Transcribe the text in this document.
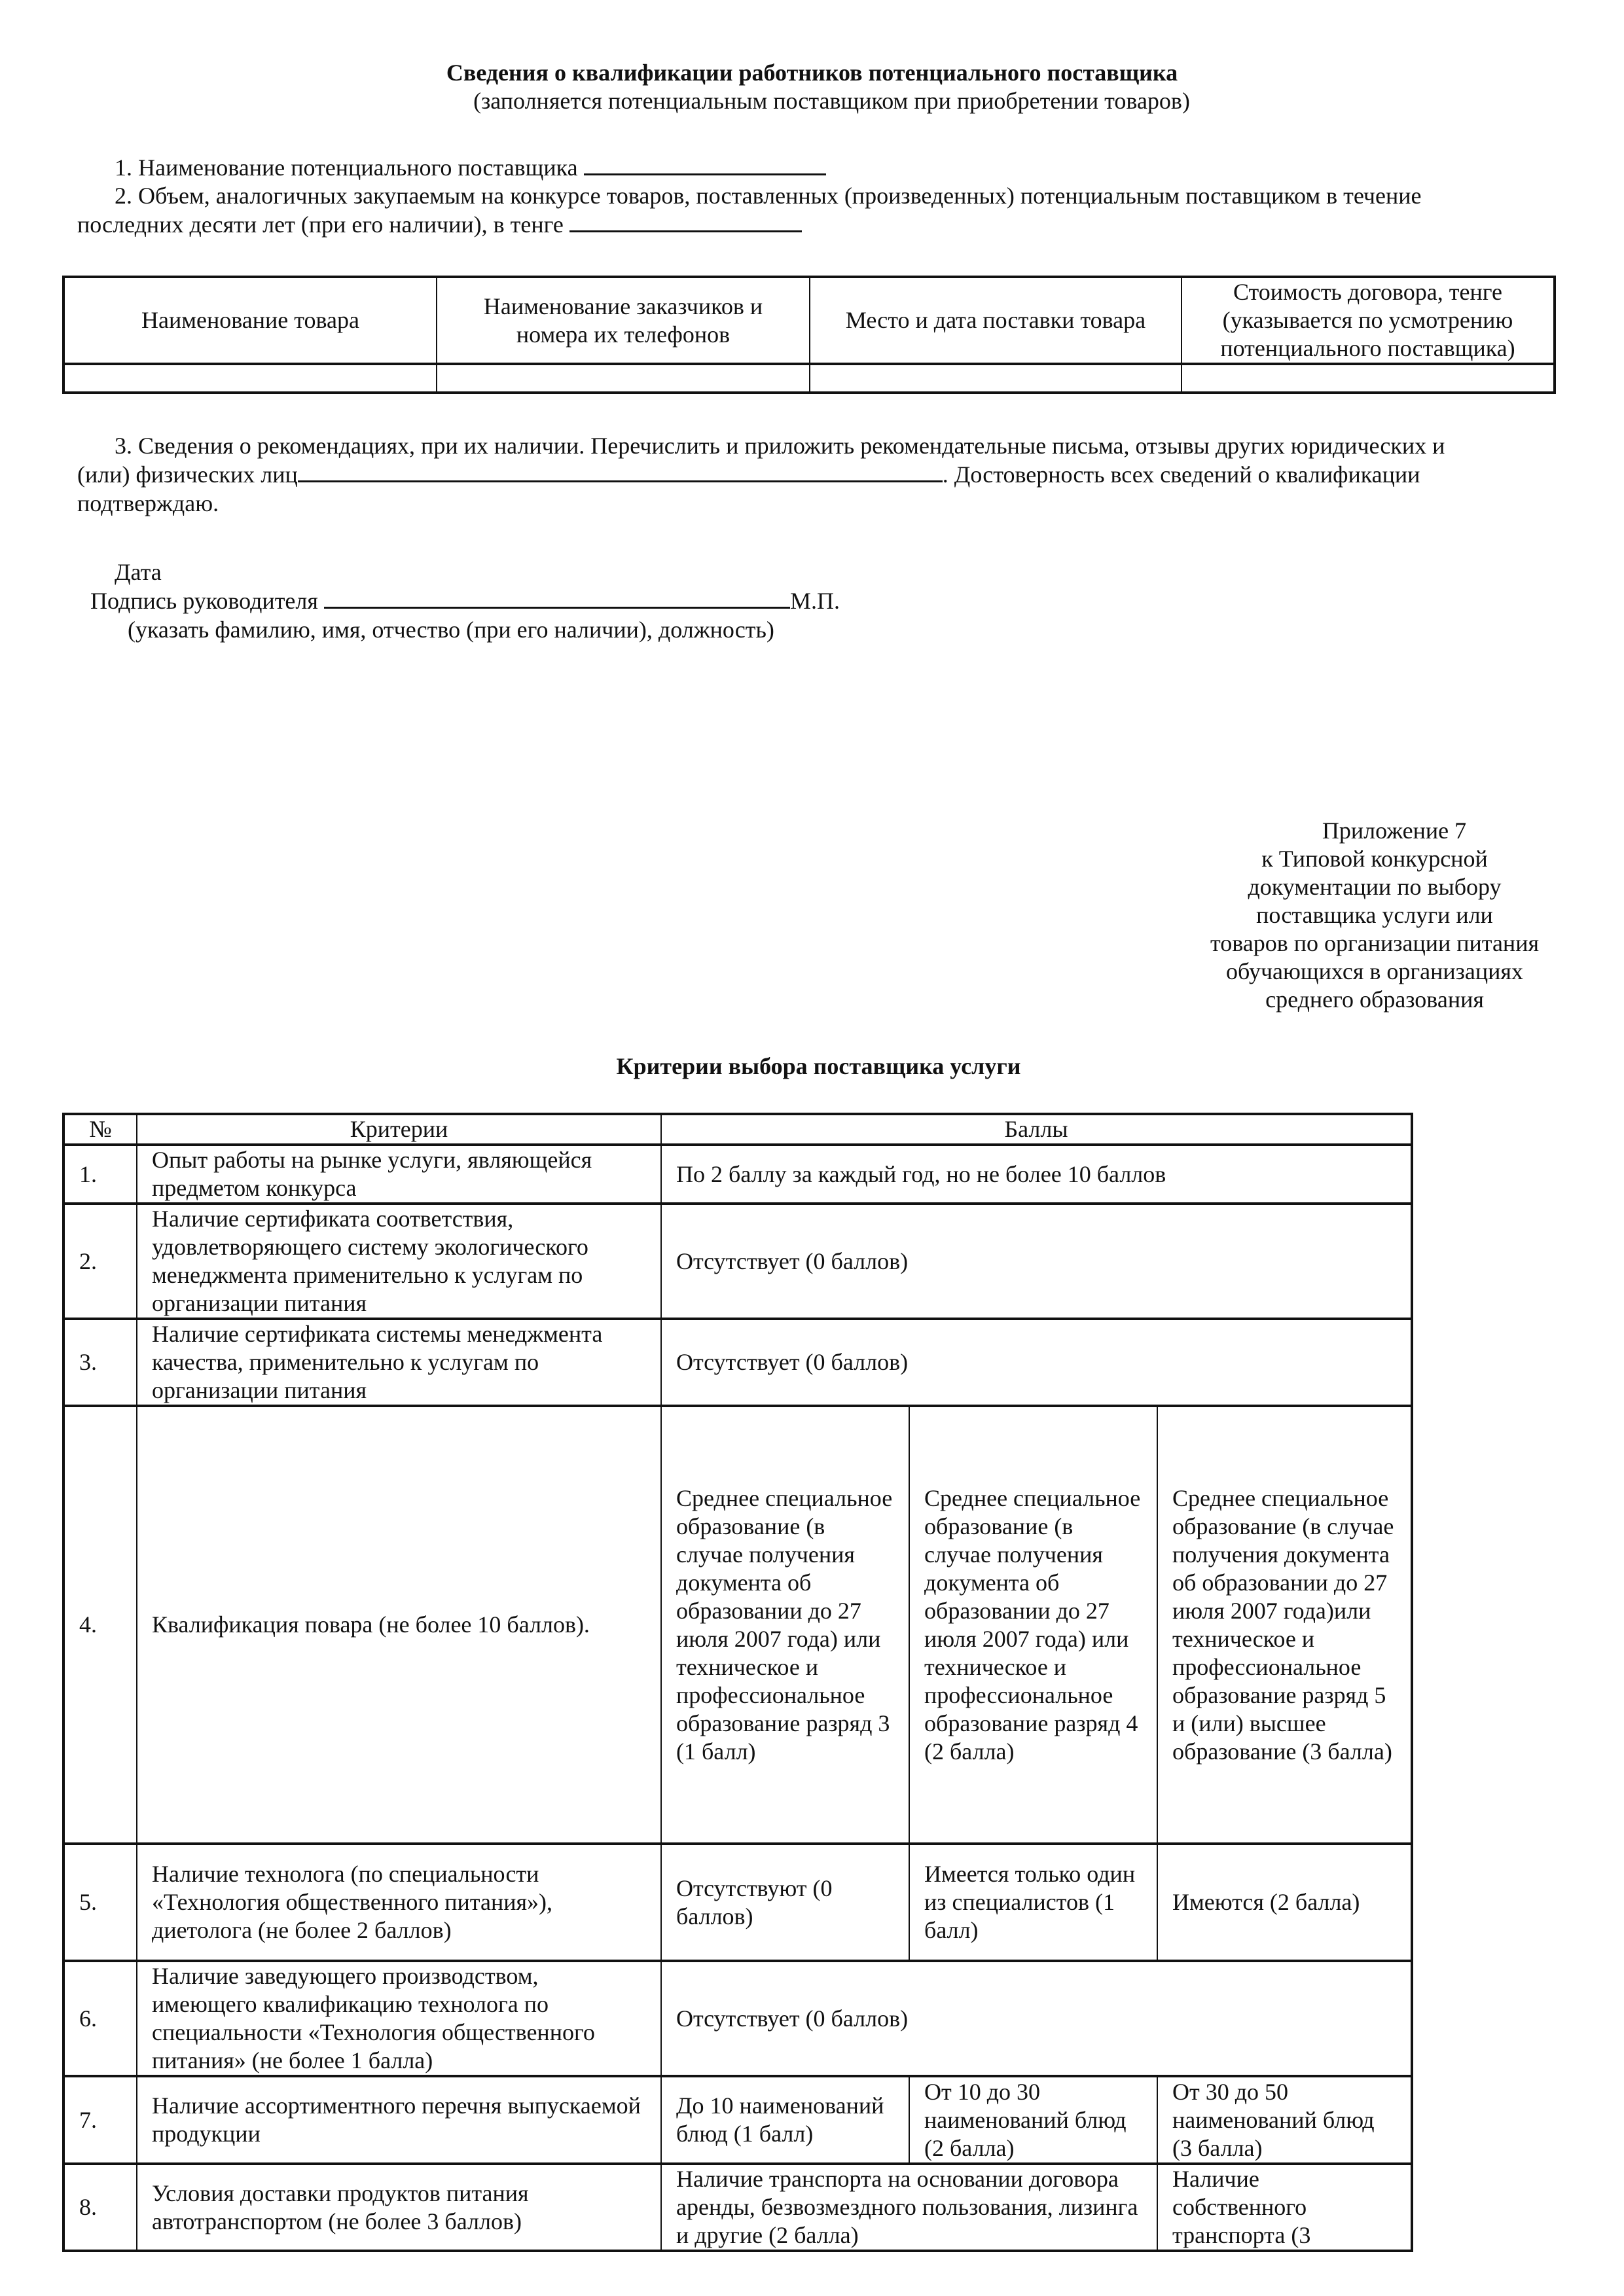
Сведения о квалификации работников потенциального поставщика
(заполняется потенциальным поставщиком при приобретении товаров)
1. Наименование потенциального поставщика
2. Объем, аналогичных закупаемым на конкурсе товаров, поставленных (произведенных) потенциальным поставщиком в течение
последних десяти лет (при его наличии), в тенге
Наименование товара	Наименование заказчиков и номера их телефонов	Место и дата поставки товара	Стоимость договора, тенге (указывается по усмотрению потенциального поставщика)

3. Сведения о рекомендациях, при их наличии. Перечислить и приложить рекомендательные письма, отзывы других юридических и
(или) физических лиц	. Достоверность всех сведений о квалификации
подтверждаю.
Дата
Подпись руководителя	М.П.
(указать фамилию, имя, отчество (при его наличии), должность)
Приложение 7
к Типовой конкурсной
документации по выбору
поставщика услуги или
товаров по организации питания
обучающихся в организациях
среднего образования
Критерии выбора поставщика услуги
№	Критерии	Баллы		
1.	Опыт работы на рынке услуги, являющейся предметом конкурса	По 2 баллу за каждый год, но не более 10 баллов		
2.	Наличие сертификата соответствия, удовлетворяющего систему экологического менеджмента применительно к услугам по организации питания	Отсутствует (0 баллов)		
3.	Наличие сертификата системы менеджмента качества, применительно к услугам по организации питания	Отсутствует (0 баллов)		
4.	Квалификация повара (не более 10 баллов).	Среднее специальное образование (в случае получения документа об образовании до 27 июля 2007 года) или техническое и профессиональное образование разряд 3 (1 балл)	Среднее специальное образование (в случае получения документа об образовании до 27 июля 2007 года) или техническое и профессиональное образование разряд 4 (2 балла)	Среднее специальное образование (в случае получения документа об образовании до 27 июля 2007 года)или техническое и профессиональное образование разряд 5 и (или) высшее образование (3 балла)
5.	Наличие технолога (по специальности «Технология общественного питания»), диетолога (не более 2 баллов)	Отсутствуют (0 баллов)	Имеется только один из специалистов (1 балл)	Имеются (2 балла)
6.	Наличие заведующего производством, имеющего квалификацию технолога по специальности «Технология общественного питания» (не более 1 балла)	Отсутствует (0 баллов)		
7.	Наличие ассортиментного перечня выпускаемой продукции	До 10 наименований блюд (1 балл)	От 10 до 30 наименований блюд (2 балла)	От 30 до 50 наименований блюд (3 балла)
8.	Условия доставки продуктов питания автотранспортом (не более 3 баллов)	Наличие транспорта на основании договора аренды, безвозмездного пользования, лизинга и другие (2 балла)		Наличие собственного транспорта (3
